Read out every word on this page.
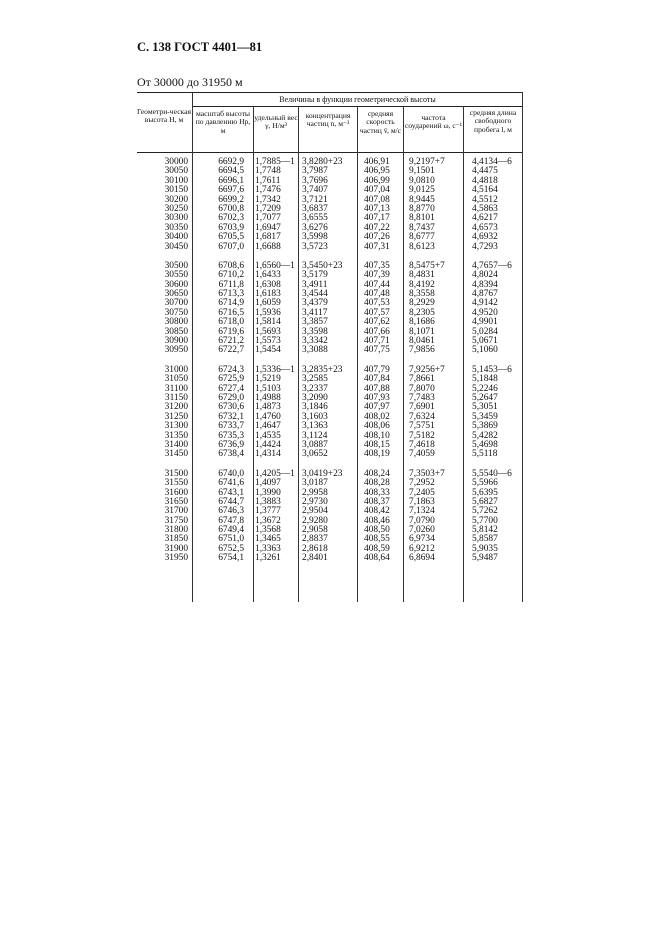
С. 138 ГОСТ 4401—81
От 30000 до 31950 м
Величины в функции геометрической высоты
Геометри-ческая высота H, м
масштаб высоты по давлению Hp, м
удельный вес γ, Н/м³
концентрация частиц n, м⁻³
средняя скорость частиц v̄, м/с
частота соударений ω, с⁻¹
средняя длина свободного пробега l, м
30000	6692,9 1,7885—1 3,8280+23 406,91 9,2197+7	4,4134—6
30050	6694,5 1,7748 3,7987	406,95 9,1501	4,4475
30100	6696,1 1,7611 3,7696	406,99 9,0810	4,4818
30150	6697,6 1,7476 3,7407	407,04 9,0125	4,5164
30200	6699,2 1,7342 3,7121	407,08 8,9445	4,5512
30250	6700,8 1,7209 3,6837	407,13 8,8770	4,5863
30300	6702,3 1,7077 3,6555	407,17 8,8101	4,6217
30350	6703,9 1,6947 3,6276	407,22 8,7437	4,6573
30400	6705,5 1,6817 3,5998	407,26 8,6777	4,6932
30450	6707,0 1,6688 3,5723	407,31 8,6123	4,7293
30500	6708,6 1,6560—1 3,5450+23 407,35 8,5475+7	4,7657—6
30550	6710,2 1,6433 3,5179	407,39 8,4831	4,8024
30600	6711,8 1,6308 3,4911	407,44 8,4192	4,8394
30650	6713,3 1,6183 3,4544	407,48 8,3558	4,8767
30700	6714,9 1,6059 3,4379	407,53 8,2929	4,9142
30750	6716,5 1,5936 3,4117	407,57 8,2305	4,9520
30800	6718,0 1,5814 3,3857	407,62 8,1686	4,9901
30850	6719,6 1,5693 3,3598	407,66 8,1071	5,0284
30900	6721,2 1,5573 3,3342	407,71 8,0461	5,0671
30950	6722,7 1,5454 3,3088	407,75 7,9856	5,1060
31000	6724,3 1,5336—1 3,2835+23 407,79 7,9256+7	5,1453—6
31050	6725,9 1,5219 3,2585	407,84 7,8661	5,1848
31100	6727,4 1,5103 3,2337	407,88 7,8070	5,2246
31150	6729,0 1,4988 3,2090	407,93 7,7483	5,2647
31200	6730,6 1,4873 3,1846	407,97 7,6901	5,3051
31250	6732,1 1,4760 3,1603	408,02 7,6324	5,3459
31300	6733,7 1,4647 3,1363	408,06 7,5751	5,3869
31350	6735,3 1,4535 3,1124	408,10 7,5182	5,4282
31400	6736,9 1,4424 3,0887	408,15 7,4618	5,4698
31450	6738,4 1,4314 3,0652	408,19 7,4059	5,5118
31500	6740,0 1,4205—1 3,0419+23 408,24 7,3503+7	5,5540—6
31550	6741,6 1,4097 3,0187	408,28 7,2952	5,5966
31600	6743,1 1,3990 2,9958	408,33 7,2405	5,6395
31650	6744,7 1,3883 2,9730	408,37 7,1863	5,6827
31700	6746,3 1,3777 2,9504	408,42 7,1324	5,7262
31750	6747,8 1,3672 2,9280	408,46 7,0790	5,7700
31800	6749,4 1,3568 2,9058	408,50 7,0260	5,8142
31850	6751,0 1,3465 2,8837	408,55 6,9734	5,8587
31900	6752,5 1,3363 2,8618	408,59 6,9212	5,9035
31950	6754,1 1,3261 2,8401	408,64 6,8694	5,9487
